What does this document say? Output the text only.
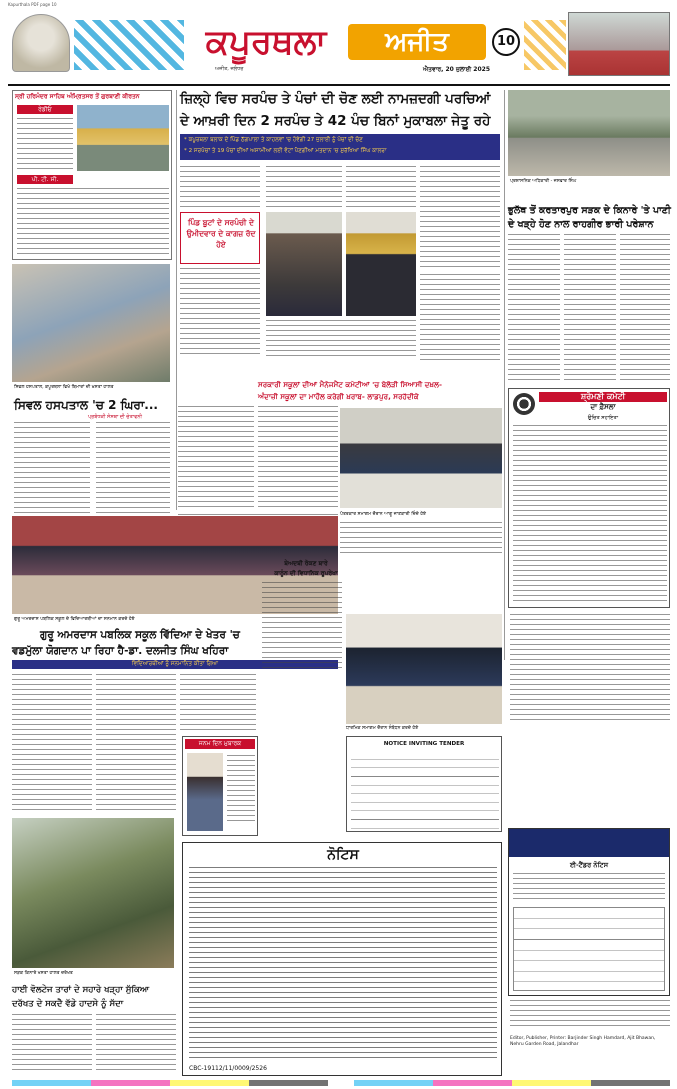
Kapurthala PDF page 10
ਕਪੂਰਥਲਾ	ਅਜੀਤ
ਅਜੀਤ, ਜਲੰਧਰ	ਐਤਵਾਰ, 20 ਜੁਲਾਈ 2025
10
ਸ੍ਰੀ ਹਰਿਮੰਦਰ ਸਾਹਿਬ ਅੰਮ੍ਰਿਤਸਰ ਤੋਂ ਗੁਰਬਾਣੀ ਕੀਰਤਨ
ਰੇਡੀਓ
ਪੀ. ਟੀ. ਸੀ.
ਸਿਵਲ ਹਸਪਤਾਲ, ਕਪੂਰਥਲਾ ਵਿਖੇ ਬਿਮਾਰਾਂ ਦੀ ਖ਼ਸਤਾ ਹਾਲਤ
ਸਿਵਲ ਹਸਪਤਾਲ 'ਚ 2 ਘਿਰਾ...
ਪ੍ਰਬੰਧਕੀ ਸੰਸਥਾ ਦੀ ਚੇਤਾਵਨੀ
ਜ਼ਿਲ੍ਹੇ ਵਿਚ ਸਰਪੰਚ ਤੇ ਪੰਚਾਂ ਦੀ ਚੋਣ ਲਈ ਨਾਮਜ਼ਦਗੀ ਪਰਚਿਆਂ
ਦੇ ਆਖ਼ਰੀ ਦਿਨ 2 ਸਰਪੰਚ ਤੇ 42 ਪੰਚ ਬਿਨਾਂ ਮੁਕਾਬਲਾ ਜੇਤੂ ਰਹੇ
* ਕਪੂਰਥਲਾ ਬਲਾਕ ਦੇ ਪਿੰਡ ਠੱਗਪਾਲਾ ਤੇ ਕਾਹਲਵਾਂ 'ਚ ਹੋਵੇਗੀ 27 ਜੁਲਾਈ ਨੂੰ ਪੰਚਾਂ ਦੀ ਚੋਣ
* 2 ਸਰਪੰਚਾਂ ਤੇ 19 ਪੰਚਾਂ ਦੀਆਂ ਅਸਾਮੀਆਂ ਲਈ ਵੋਟਾਂ ਪੈਣਗੀਆਂ ਮਤਦਾਨ 'ਚ ਸੁਰੱਖਿਆ ਸਿੰਘ ਕਾਲਰਾ
ਪਿੰਡ ਬੂਟਾਂ ਦੇ ਸਰਪੰਚੀ ਦੇ ਉਮੀਦਵਾਰ ਦੇ ਕਾਗਜ਼ ਰੱਦ ਹੋਏ
ਪ੍ਰਸ਼ਾਸਨਿਕ ਅਧਿਕਾਰੀ - ਜਸਵਾਰ ਸਿੰਘ
ਭੁਲੱਥ ਤੋਂ ਕਰਤਾਰਪੁਰ ਸੜਕ ਦੇ ਕਿਨਾਰੇ 'ਤੇ ਪਾਣੀ
ਦੇ ਖੜ੍ਹੇ ਹੋਣ ਨਾਲ ਰਾਹਗੀਰ ਭਾਰੀ ਪਰੇਸ਼ਾਨ
ਸ਼੍ਰੋਮਣੀ ਕਮੇਟੀ
ਦਾ ਫ਼ੈਸਲਾ
ਉਚਿਤ ਸਹਾਇਤਾ
ਸਰਕਾਰੀ ਸਕੂਲਾਂ ਦੀਆਂ ਮੈਨੇਜਮੈਂਟ ਕਮੇਟੀਆਂ 'ਚ ਬੇਲੋੜੀ ਸਿਆਸੀ ਦਖ਼ਲ-
ਅੰਦਾਜ਼ੀ ਸਕੂਲਾਂ ਦਾ ਮਾਹੌਲ ਕਰੇਗੀ ਖ਼ਰਾਬ- ਲਾਡਪੁਰ, ਸਰਹੱਦੀਕੇ
ਪੱਤਰਕਾਰ ਸਮਾਗਮ ਦੌਰਾਨ ਆਗੂ ਜਾਣਕਾਰੀ ਦਿੰਦੇ ਹੋਏ
ਗੁਰੂ ਅਮਰਦਾਸ ਪਬਲਿਕ ਸਕੂਲ ਦੇ ਵਿਦਿਆਰਥੀਆਂ ਦਾ ਸਨਮਾਨ ਕਰਦੇ ਹੋਏ
ਗੁਰੂ ਅਮਰਦਾਸ ਪਬਲਿਕ ਸਕੂਲ ਵਿੱਦਿਆ ਦੇ ਖੇਤਰ 'ਚ
ਵਡਮੁੱਲਾ ਯੋਗਦਾਨ ਪਾ ਰਿਹਾ ਹੈ-ਡਾ. ਦਲਜੀਤ ਸਿੰਘ ਖਹਿਰਾ
ਵਿਦਿਆਰਥੀਆਂ ਨੂੰ ਸਨਮਾਨਿਤ ਕੀਤਾ ਗਿਆ
ਜਨਮ ਦਿਨ ਮੁਬਾਰਕ
ਬੇਅਦਬੀ ਰੋਕਣ ਬਾਰੇ
ਕਾਨੂੰਨ ਦੀ ਵਿਧਾਨਿਕ ਰੂਪਰੇਖਾ
ਧਾਰਮਿਕ ਸਮਾਗਮ ਦੌਰਾਨ ਸੰਬੋਧਨ ਕਰਦੇ ਹੋਏ
NOTICE INVITING TENDER
ਸੜਕ ਕਿਨਾਰੇ ਖਸਤਾ ਹਾਲਤ ਦਰੱਖਤ
ਹਾਈ ਵੋਲਟੇਜ ਤਾਰਾਂ ਦੇ ਸਹਾਰੇ ਖੜ੍ਹਾ ਸੁੱਕਿਆ
ਦਰੱਖਤ ਦੇ ਸਕਦੈ ਵੱਡੇ ਹਾਦਸੇ ਨੂੰ ਸੱਦਾ
ਨੋਟਿਸ
CBC-19112/11/0009/2526
ਈ-ਟੈਂਡਰ ਨੋਟਿਸ
Editor, Publisher, Printer: Barjinder Singh Hamdard, Ajit Bhawan, Nehru Garden Road, Jalandhar
